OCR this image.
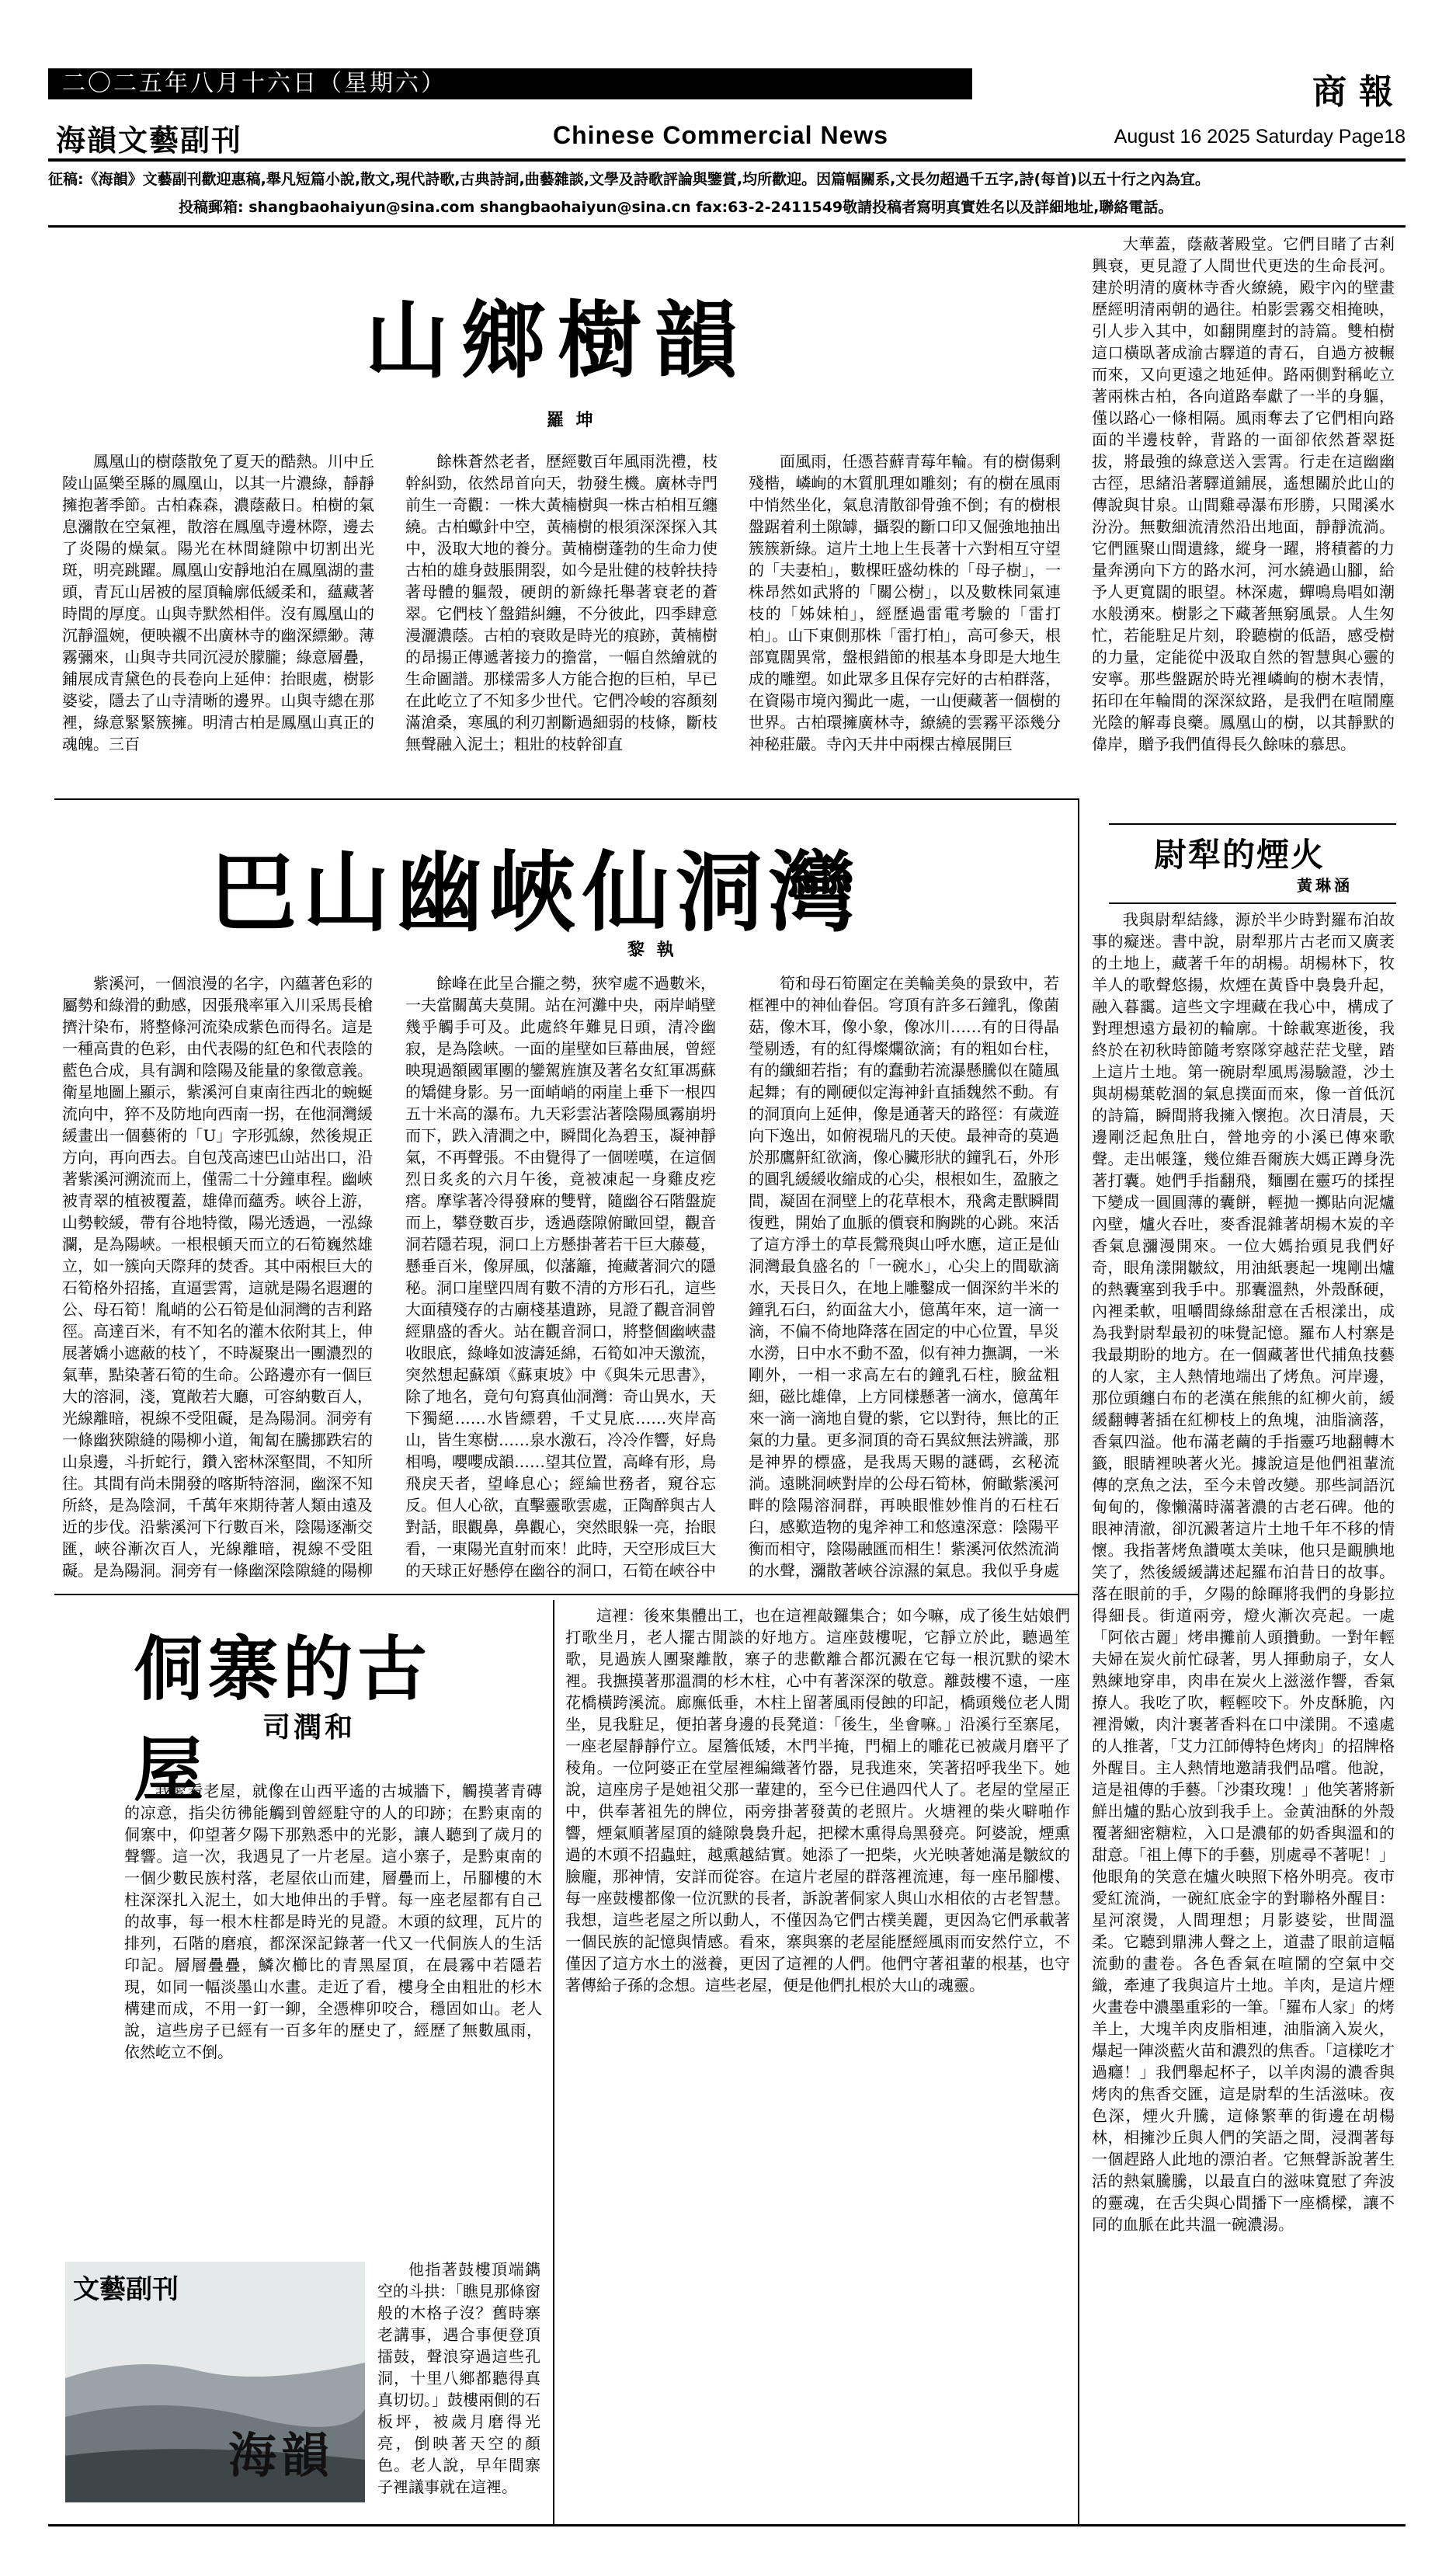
二〇二五年八月十六日（星期六）	商報
海韻文藝副刊	Chinese Commercial News	August 16 2025 Saturday Page18
征稿:《海韻》文藝副刊歡迎惠稿,舉凡短篇小說,散文,現代詩歌,古典詩詞,曲藝雜談,文學及詩歌評論與鑒賞,均所歡迎。因篇幅關系,文長勿超過千五字,詩(每首)以五十行之內為宜。
投稿郵箱: shangbaohaiyun@sina.com shangbaohaiyun@sina.cn fax:63-2-2411549敬請投稿者寫明真實姓名以及詳細地址,聯絡電話。
山鄉樹韻
羅 坤

鳳凰山的樹蔭散免了夏天的酷熱。川中丘陵山區樂至縣的鳳凰山，以其一片濃綠，靜靜擁抱著季節。古柏森森，濃蔭蔽日。柏樹的氣息瀰散在空氣裡，散溶在鳳凰寺邊林際，邊去了炎陽的燥氣。陽光在林間縫隙中切割出光斑，明亮跳躍。鳳凰山安靜地泊在鳳凰湖的畫頭，青瓦山居被的屋頂輪廓低緩柔和，蘊藏著時間的厚度。山與寺默然相伴。沒有鳳凰山的沉靜溫婉，便映襯不出廣林寺的幽深縹緲。薄霧彌來，山與寺共同沉浸於朦朧；綠意層疊，鋪展成青黛色的長卷向上延伸：抬眼處，樹影婆娑，隱去了山寺清晰的邊界。山與寺總在那裡，綠意緊緊簇擁。明清古柏是鳳凰山真正的魂魄。三百

餘株蒼然老者，歷經數百年風雨洗禮，枝幹糾勁，依然昂首向天，勃發生機。廣林寺門前生一奇觀：一株大黃楠樹與一株古柏相互纏繞。古柏蠍針中空，黃楠樹的根須深深探入其中，汲取大地的養分。黃楠樹蓬勃的生命力使古柏的雄身鼓脹開裂，如今是壯健的枝幹扶持著母體的軀殼，硬朗的新綠托舉著衰老的蒼翠。它們枝丫盤錯糾纏，不分彼此，四季肆意漫灑濃蔭。古柏的衰敗是時光的痕跡，黃楠樹的昂揚正傳遞著接力的擔當，一幅自然繪就的生命圖譜。那樣需多人方能合抱的巨柏，早已在此屹立了不知多少世代。它們冷峻的容顏刻滿滄桑，寒風的利刃割斷過細弱的枝條，斷枝無聲融入泥土；粗壯的枝幹卻直

面風雨，任憑苔蘚青莓年輪。有的樹傷剩殘楷，嶙峋的木質肌理如雕刻；有的樹在風雨中悄然坐化，氣息清散卻骨強不倒；有的樹根盤踞着利土隙罅，攝裂的斷口印又倔強地抽出簇簇新綠。這片土地上生長著十六對相互守望的「夫妻柏」，數棵旺盛幼株的「母子樹」，一株昂然如武將的「關公樹」，以及數株同氣連枝的「姊妹柏」，經歷過雷電考驗的「雷打柏」。山下東側那株「雷打柏」，高可參天，根部寬闊異常，盤根錯節的根基本身即是大地生成的雕塑。如此眾多且保存完好的古柏群落，在資陽市境內獨此一處，一山便藏著一個樹的世界。古柏環擁廣林寺，繚繞的雲霧平添幾分神秘莊嚴。寺內天井中兩棵古樟展開巨

大華蓋，蔭蔽著殿堂。它們目睹了古剎興衰，更見證了人間世代更迭的生命長河。建於明清的廣林寺香火繚繞，殿宇內的壁畫歷經明清兩朝的過往。柏影雲霧交相掩映，引人步入其中，如翻開塵封的詩篇。雙柏樹這口橫臥著成渝古驛道的青石，自過方被輾而來，又向更遠之地延伸。路兩側對稱屹立著兩株古柏，各向道路奉獻了一半的身軀，僅以路心一條相隔。風雨奪去了它們相向路面的半邊枝幹，背路的一面卻依然蒼翠挺拔，將最強的綠意送入雲霄。行走在這幽幽古徑，思緒沿著驛道鋪展，遙想關於此山的傳說與甘泉。山間雞尋瀑布形勝，只聞溪水汾汾。無數細流清然沿出地面，靜靜流淌。它們匯聚山間遺緣，縱身一躍，將積蓄的力量奔湧向下方的路水河，河水繞過山腳，給予人更寬闊的眼望。林深處，蟬鳴鳥唱如潮水般湧來。樹影之下藏著無窮風景。人生匆忙，若能駐足片刻，聆聽樹的低語，感受樹的力量，定能從中汲取自然的智慧與心靈的安寧。那些盤踞於時光裡嶙峋的樹木表情，拓印在年輪間的深深紋路，是我們在喧鬧塵光陰的解毒良藥。鳳凰山的樹，以其靜默的偉岸，贈予我們值得長久餘味的慕思。

巴山幽峽仙洞灣
黎 執

紫溪河，一個浪漫的名字，內蘊著色彩的屬勢和綠滑的動感，因張飛率軍入川采馬長槍擠汁染布，將整條河流染成紫色而得名。這是一種高貴的色彩，由代表陽的紅色和代表陰的藍色合成，具有調和陰陽及能量的象徵意義。衛星地圖上顯示，紫溪河自東南往西北的蜿蜒流向中，猝不及防地向西南一拐，在他洞灣緩緩畫出一個藝術的「U」字形弧線，然後規正方向，再向西去。自包茂高速巴山站出口，沿著紫溪河溯流而上，僅需二十分鐘車程。幽峽被青翠的植被覆蓋，雄偉而蘊秀。峽谷上游，山勢較緩，帶有谷地特徵，陽光透過，一泓綠瀾，是為陽峽。一根根頓天而立的石筍巍然雄立，如一簇向天際拜的焚香。其中兩根巨大的石筍格外招搖，直逼雲霄，這就是陽名遐邇的公、母石筍！胤峭的公石筍是仙洞灣的吉利路徑。高達百米，有不知名的灌木依附其上，伸展著嬌小遮蔽的枝丫，不時凝聚出一團濃烈的氣華，點染著石筍的生命。公路邊亦有一個巨大的溶洞，淺，寬敞若大廳，可容納數百人，光線離暗，視線不受阻礙，是為陽洞。洞旁有一條幽狹隙縫的陽柳小道，匍匐在騰挪跌宕的山泉邊，斗折蛇行，鑽入密林深壑間，不知所往。其間有尚未開發的喀斯特溶洞，幽深不知所終，是為陰洞，千萬年來期待著人類由遠及近的步伐。沿紫溪河下行數百米，陰陽逐漸交匯，峽谷漸次百人，光線離暗，視線不受阻礙。是為陽洞。洞旁有一條幽深陰隙縫的陽柳

餘峰在此呈合攏之勢，狹窄處不過數米，一夫當關萬夫莫開。站在河灘中央，兩岸峭壁幾乎觸手可及。此處終年難見日頭，清冷幽寂，是為陰峽。一面的崖壁如巨幕曲展，曾經映現過額國軍團的鑾駕旌旗及著名女紅軍馮蘇的矯健身影。另一面峭峭的兩崖上垂下一根四五十米高的瀑布。九天彩雲沾著陰陽風霧崩坍而下，跌入清澗之中，瞬間化為碧玉，凝神靜氣，不再聲張。不由覺得了一個嗟嘆，在這個烈日炙炙的六月午後，竟被凍起一身雞皮疙瘩。摩挲著冷得發麻的雙臂，隨幽谷石階盤旋而上，攀登數百步，透過蔭隙俯瞰回望，觀音洞若隱若現，洞口上方懸掛著若干巨大藤蔓，懸垂百米，像屏風，似藩籬，掩藏著洞穴的隱秘。洞口崖壁四周有數不清的方形石孔，這些大面積殘存的古廟棧基遺跡，見證了觀音洞曾經鼎盛的香火。站在觀音洞口，將整個幽峽盡收眼底，綠峰如波濤延綿，石筍如冲天激流，突然想起蘇頌《蘇東坡》中《與朱元思書》，除了地名，竟句句寫真仙洞灣：奇山異水，天下獨絕……水皆縹碧，千丈見底……夾岸高山，皆生寒樹……泉水激石，冷冷作響，好鳥相鳴，嚶嚶成韻……望其位置，高峰有形，鳥飛戾天者，望峰息心；經綸世務者，窺谷忘反。但人心欲，直擊靈歌雲處，正陶醉與古人對話，眼觀鼻，鼻觀心，突然眼躲一亮，抬眼看，一東陽光直射而來！此時，天空形成巨大的天球正好懸停在幽谷的洞口，石筍在峽谷中

筍和母石筍圍定在美輪美奐的景致中，若框裡中的神仙眷侶。穹頂有許多石鐘乳，像菌菇，像木耳，像小象，像冰川……有的日得晶瑩剔透，有的紅得燦爛欲滴；有的粗如台柱，有的纖細若指；有的蠢動若流瀑懸騰似在隨風起舞；有的剛硬似定海神針直插魏然不動。有的洞頂向上延伸，像是通著天的路徑：有歲遊向下逸出，如俯視瑞凡的天使。最神奇的莫過於那鷹鼾紅欲滴，像心臟形狀的鐘乳石，外形的圓乳緩緩收縮成的心尖，根根如生，盈腋之間，凝固在洞壁上的花草根木，飛禽走獸瞬間復甦，開始了血脈的價衰和胸跳的心跳。來活了這方淨土的草長鶯飛與山呼水應，這正是仙洞灣最負盛名的「一碗水」，心尖上的間歇滴水，天長日久，在地上雕鑿成一個深約半米的鐘乳石臼，約面盆大小，億萬年來，這一滴一滴，不偏不倚地降落在固定的中心位置，旱災水澇，日中水不動不盈，似有神力撫調，一米剛外，一相一求高左右的鐘乳石柱，臉盆粗細，磁比雄偉，上方同樣懸著一滴水，億萬年來一滴一滴地自覺的紫，它以對待，無比的正氣的力量。更多洞頂的奇石異紋無法辨識，那是神界的標盛，是我馬天賜的謎碼，玄秘流淌。遠眺洞峽對岸的公母石筍林，俯瞰紫溪河畔的陰陽溶洞群，再映眼惟妙惟肖的石柱石臼，感歎造物的鬼斧神工和悠遠深意：陰陽平衡而相守，陰陽融匯而相生！紫溪河依然流淌的水聲，瀰散著峽谷涼濕的氣息。我似乎身處

尉犁的煙火
黃琳涵

我與尉犁結緣，源於半少時對羅布泊故事的癡迷。書中說，尉犁那片古老而又廣袤的土地上，藏著千年的胡楊。胡楊林下，牧羊人的歌聲悠揚，炊煙在黃昏中裊裊升起，融入暮靄。這些文字埋藏在我心中，構成了對理想遠方最初的輪廓。十餘載寒逝後，我終於在初秋時節隨考察隊穿越茫茫戈壁，踏上這片土地。第一碗尉犁風馬湯驗證，沙土與胡楊葉乾涸的氣息撲面而來，像一首低沉的詩篇，瞬間將我擁入懷抱。次日清晨，天邊剛泛起魚肚白，營地旁的小溪已傳來歌聲。走出帳篷，幾位維吾爾族大媽正蹲身洗著打囊。她們手指翻飛，麵團在靈巧的揉捏下變成一圓圓薄的囊餅，輕拋一擲貼向泥爐內壁，爐火吞吐，麥香混雜著胡楊木炭的辛香氣息瀰漫開來。一位大媽抬頭見我們好奇，眼角漾開皺紋，用油紙裹起一塊剛出爐的熱囊塞到我手中。那囊溫熱，外殼酥硬，內裡柔軟，咀嚼間綠絲甜意在舌根漾出，成為我對尉犁最初的味覺記憶。羅布人村寨是我最期盼的地方。在一個藏著世代捕魚技藝的人家，主人熱情地端出了烤魚。河岸邊，那位頭纏白布的老漢在熊熊的紅柳火前，緩緩翻轉著插在紅柳枝上的魚塊，油脂滴落，香氣四溢。他布滿老繭的手指靈巧地翻轉木籤，眼睛裡映著火光。據說這是他們祖輩流傳的烹魚之法，至今未曾改變。那些詞語沉甸甸的，像懶滿時滿著濃的古老石碑。他的眼神清澈，卻沉澱著這片土地千年不移的情懷。我指著烤魚讚嘆太美味，他只是靦腆地笑了，然後緩緩講述起羅布泊昔日的故事。落在眼前的手，夕陽的餘暉將我們的身影拉得細長。街道兩旁，燈火漸次亮起。一處「阿依古麗」烤串攤前人頭攢動。一對年輕夫婦在炭火前忙碌著，男人揮動扇子，女人熟練地穿串，肉串在炭火上滋滋作響，香氣撩人。我吃了吹，輕輕咬下。外皮酥脆，內裡滑嫩，肉汁裹著香料在口中漾開。不遠處的人推著，「艾力江師傅特色烤肉」的招牌格外醒目。主人熱情地邀請我們品嚐。他說，這是祖傳的手藝。「沙棗玫瑰！」他笑著將新鮮出爐的點心放到我手上。金黃油酥的外殼覆著細密糖粒，入口是濃郁的奶香與溫和的甜意。「祖上傳下的手藝，別處尋不著呢！」他眼角的笑意在爐火映照下格外明亮。夜市愛紅流淌，一碗紅底金字的對聯格外醒目：星河滾燙，人間理想；月影婆娑，世間溫柔。它聽到鼎沸人聲之上，道盡了眼前這幅流動的畫卷。各色香氣在喧鬧的空氣中交織，牽連了我與這片土地。羊肉，是這片煙火畫卷中濃墨重彩的一筆。「羅布人家」的烤羊上，大塊羊肉皮脂相連，油脂滴入炭火，爆起一陣淡藍火苗和濃烈的焦香。「這樣吃才過癮！」我們舉起杯子，以羊肉湯的濃香與烤肉的焦香交匯，這是尉犁的生活滋味。夜色深，煙火升騰，這條繁華的街邊在胡楊林，相擁沙丘與人們的笑語之間，浸潤著每一個趕路人此地的漂泊者。它無聲訴說著生活的熱氣騰騰，以最直白的滋味寬慰了奔波的靈魂，在舌尖與心間播下一座橋樑，讓不同的血脈在此共溫一碗濃湯。

侗寨的古屋
司潤和

我愛看老屋，就像在山西平遙的古城牆下，觸摸著青磚的凉意，指尖彷彿能觸到曾經駐守的人的印跡；在黔東南的侗寨中，仰望著夕陽下那熟悉中的光影，讓人聽到了歲月的聲響。這一次，我遇見了一片老屋。這小寨子，是黔東南的一個少數民族村落，老屋依山而建，層疊而上，吊腳樓的木柱深深扎入泥土，如大地伸出的手臂。每一座老屋都有自己的故事，每一根木柱都是時光的見證。木頭的紋理，瓦片的排列，石階的磨痕，都深深記錄著一代又一代侗族人的生活印記。層層疊疊，鱗次櫛比的青黑屋頂，在晨霧中若隱若現，如同一幅淡墨山水畫。走近了看，樓身全由粗壯的杉木構建而成，不用一釘一鉚，全憑榫卯咬合，穩固如山。老人說，這些房子已經有一百多年的歷史了，經歷了無數風雨，依然屹立不倒。

他指著鼓樓頂端鐫空的斗拱：「瞧見那條窗般的木格子沒？舊時寨老講事，遇合事便登頂擂鼓，聲浪穿過這些孔洞，十里八鄉都聽得真真切切。」鼓樓兩側的石板坪，被歲月磨得光亮，倒映著天空的顏色。老人說，早年間寨子裡議事就在這裡。

這裡：後來集體出工，也在這裡敲鑼集合；如今嘛，成了後生姑娘們打歌坐月，老人擺古閒談的好地方。這座鼓樓呢，它靜立於此，聽過笙歌，見過族人團聚離散，寨子的悲歡離合都沉澱在它每一根沉默的梁木裡。我撫摸著那溫潤的杉木柱，心中有著深深的敬意。離鼓樓不遠，一座花橋橫跨溪流。廊廡低垂，木柱上留著風雨侵蝕的印記，橋頭幾位老人閒坐，見我駐足，便拍著身邊的長凳道：「後生，坐會嘛。」沿溪行至寨尾，一座老屋靜靜佇立。屋簷低矮，木門半掩，門楣上的雕花已被歲月磨平了稜角。一位阿婆正在堂屋裡編織著竹器，見我進來，笑著招呼我坐下。她說，這座房子是她祖父那一輩建的，至今已住過四代人了。老屋的堂屋正中，供奉著祖先的牌位，兩旁掛著發黃的老照片。火塘裡的柴火噼啪作響，煙氣順著屋頂的縫隙裊裊升起，把樑木熏得烏黑發亮。阿婆說，煙熏過的木頭不招蟲蛀，越熏越結實。她添了一把柴，火光映著她滿是皺紋的臉龐，那神情，安詳而從容。在這片老屋的群落裡流連，每一座吊腳樓、每一座鼓樓都像一位沉默的長者，訴說著侗家人與山水相依的古老智慧。我想，這些老屋之所以動人，不僅因為它們古樸美麗，更因為它們承載著一個民族的記憶與情感。看來，寨與寨的老屋能歷經風雨而安然佇立，不僅因了這方水土的滋養，更因了這裡的人們。他們守著祖輩的根基，也守著傳給子孫的念想。這些老屋，便是他們扎根於大山的魂靈。

文藝副刊
海韻
